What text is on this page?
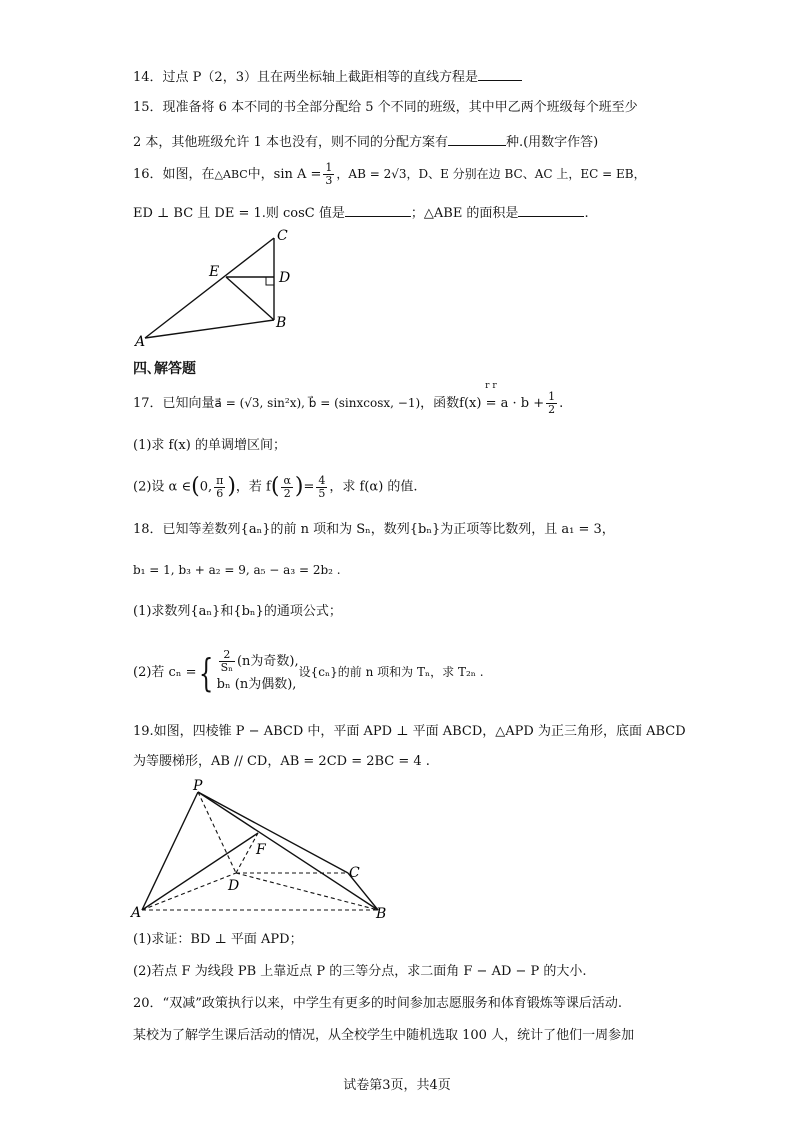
14．过点 P（2，3）且在两坐标轴上截距相等的直线方程是
15．现准备将 6 本不同的书全部分配给 5 个不同的班级，其中甲乙两个班级每个班至少
2 本，其他班级允许 1 本也没有，则不同的分配方案有	种.(用数字作答)
16．如图，在△ABC中，$\sin A = \frac{1}{3}$ ，AB = 2√3，D、E 分别在边 BC、AC 上，EC = EB，
ED ⊥ BC 且 DE = 1.则 cosC 值是	；△ABE 的面积是	.
C
E	D
B
A
四､解答题
17．已知向量a⃗ = (√3, sin²x), b⃗ = (sinxcosx, −1)，函数
r r
$f(x) = a \cdot b + \frac{1}{2}$ .
(1)求 f(x) 的单调增区间；
(2)设 α ∈(0, $\frac{\pi}{6}$ )，若 $f( \frac{\alpha}{2}$ )= $\frac{4}{5}$ ，求 f(α) 的值.
18．已知等差数列{aₙ}的前 n 项和为 Sₙ，数列{bₙ}为正项等比数列，且 a₁ = 3，
b₁ = 1, b₃ + a₂ = 9, a₅ − a₃ = 2b₂ .
(1)求数列{aₙ}和{bₙ}的通项公式；
(2)若 cₙ ={ $\frac{2}{\text{Sₙ}} (n$为奇数),
bₙ (n为偶数),
设{cₙ}的前 n 项和为 Tₙ，求 T₂ₙ .
19.如图，四棱锥 P − ABCD 中，平面 APD ⊥ 平面 ABCD，△APD 为正三角形，底面 ABCD
为等腰梯形，AB // CD，AB = 2CD = 2BC = 4 .
P
F
D
C
A	B
(1)求证：BD ⊥ 平面 APD；
(2)若点 F 为线段 PB 上靠近点 P 的三等分点，求二面角 F − AD − P 的大小.
20．“双减”政策执行以来，中学生有更多的时间参加志愿服务和体育锻炼等课后活动.
某校为了解学生课后活动的情况，从全校学生中随机选取 100 人，统计了他们一周参加
试卷第3页，共4页
